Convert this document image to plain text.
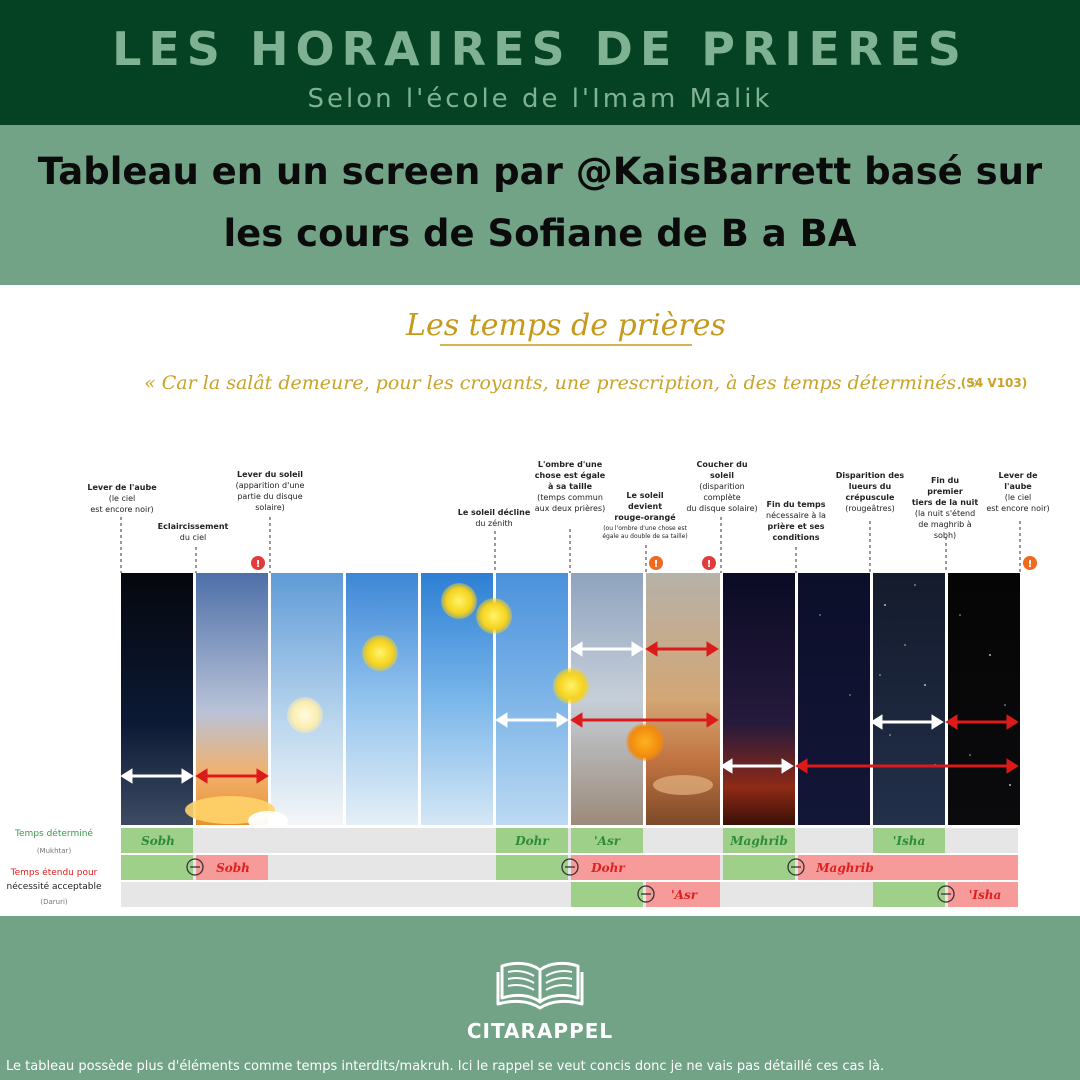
LES HORAIRES DE PRIERES
Selon l'école de l'Imam Malik
Tableau en un screen par @KaisBarrett basé sur
les cours de Sofiane de B a BA
Les temps de prières
« Car la salât demeure, pour les croyants, une prescription, à des temps déterminés. »
(S4 V103)
Lever de l'aube (le ciel est encore noir)
Eclaircissement du ciel
Lever du soleil (apparition d'une partie du disque solaire)
Le soleil décline du zénith
L'ombre d'une chose est égale à sa taille (temps commun aux deux prières)
Le soleil devient rouge-orangé (ou l'ombre d'une chose est égale au double de sa taille)
Coucher du soleil (disparition complète du disque solaire) Fin du temps nécessaire à la prière et ses conditions
Disparition des lueurs du crépuscule (rougeâtres)
Fin du premier tiers de la nuit (la nuit s'étend de maghrib à sobh)
Lever de l'aube (le ciel est encore noir)
!	!	!	!
Temps déterminé
(Mukhtar)
Temps étendu pour
nécessité acceptable
(Daruri)
Sobh	Dohr	'Asr	Maghrib	'Isha
Sobh	Dohr	Maghrib
'Asr	'Isha
CITARAPPEL
Le tableau possède plus d'éléments comme temps interdits/makruh. Ici le rappel se veut concis donc je ne vais pas détaillé ces cas là.
